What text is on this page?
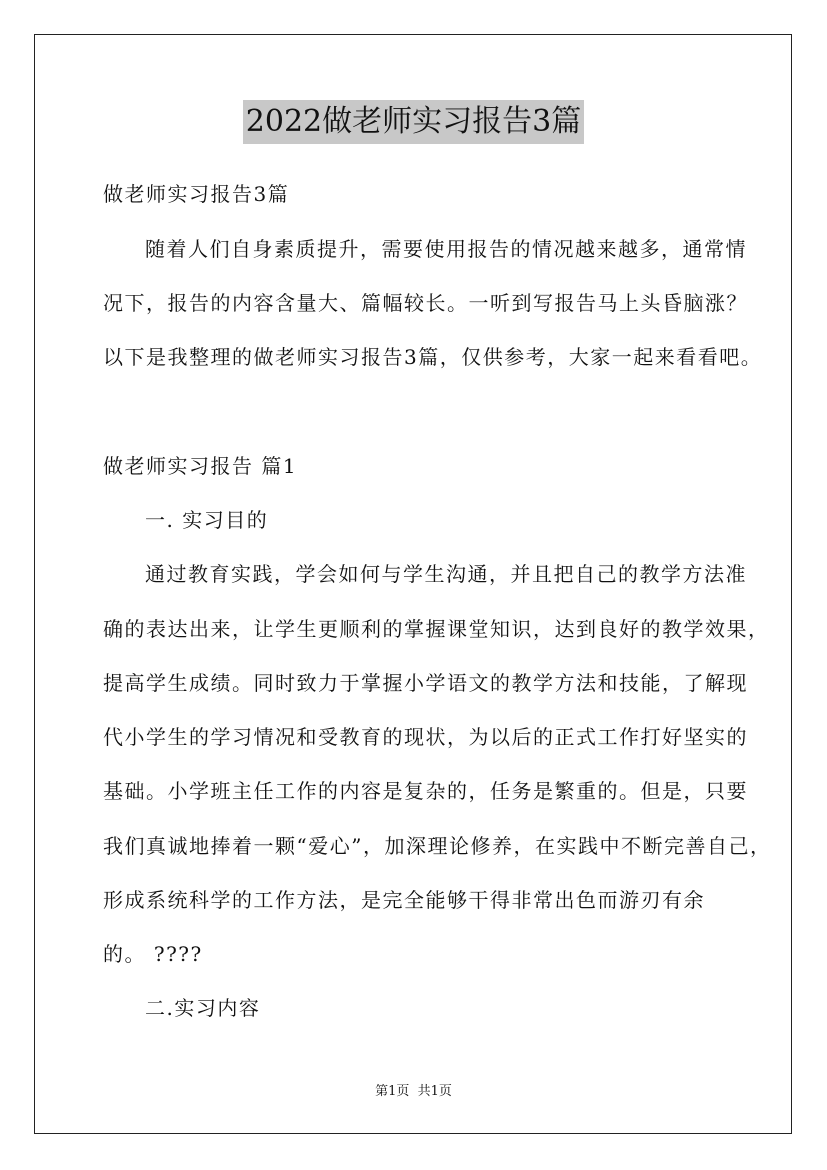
2022做老师实习报告3篇
做老师实习报告3篇
随着人们自身素质提升，需要使用报告的情况越来越多，通常情
况下，报告的内容含量大、篇幅较长。一听到写报告马上头昏脑涨？
以下是我整理的做老师实习报告3篇，仅供参考，大家一起来看看吧。
做老师实习报告 篇1
一. 实习目的
通过教育实践，学会如何与学生沟通，并且把自己的教学方法准
确的表达出来，让学生更顺利的掌握课堂知识，达到良好的教学效果，
提高学生成绩。同时致力于掌握小学语文的教学方法和技能，了解现
代小学生的学习情况和受教育的现状，为以后的正式工作打好坚实的
基础。小学班主任工作的内容是复杂的，任务是繁重的。但是，只要
我们真诚地捧着一颗“爱心”，加深理论修养，在实践中不断完善自己，
形成系统科学的工作方法，是完全能够干得非常出色而游刃有余
的。 ????
二.实习内容
第1页 共1页
